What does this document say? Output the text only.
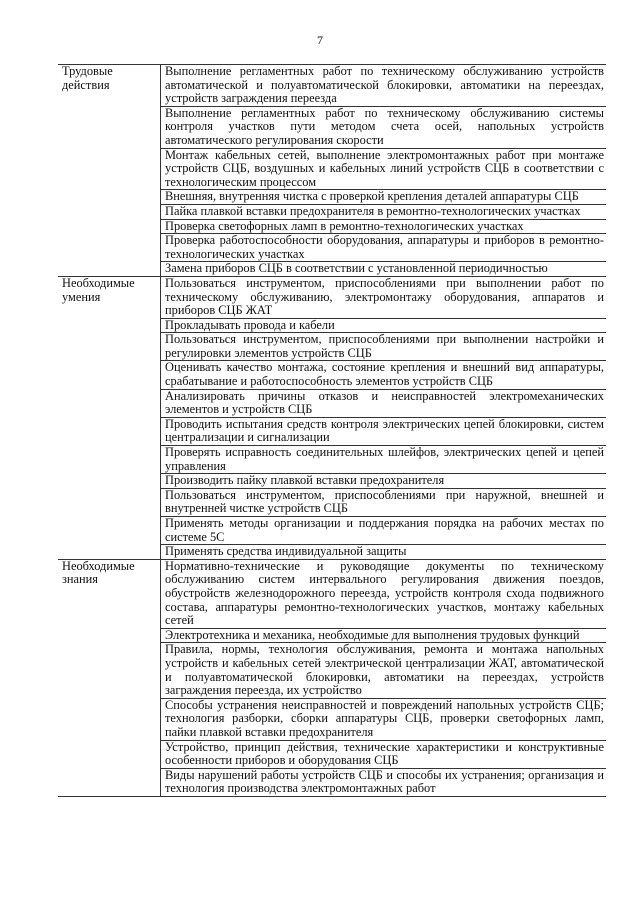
7
Трудовые действия	Выполнение регламентных работ по техническому обслуживанию устройств автоматической и полуавтоматической блокировки, автоматики на переездах, устройств заграждения переезда
	Выполнение регламентных работ по техническому обслуживанию системы контроля участков пути методом счета осей, напольных устройств автоматического регулирования скорости
	Монтаж кабельных сетей, выполнение электромонтажных работ при монтаже устройств СЦБ, воздушных и кабельных линий устройств СЦБ в соответствии с технологическим процессом
	Внешняя, внутренняя чистка с проверкой крепления деталей аппаратуры СЦБ
	Пайка плавкой вставки предохранителя в ремонтно-технологических участках
	Проверка светофорных ламп в ремонтно-технологических участках
	Проверка работоспособности оборудования, аппаратуры и приборов в ремонтно-технологических участках
	Замена приборов СЦБ в соответствии с установленной периодичностью
Необходимые умения	Пользоваться инструментом, приспособлениями при выполнении работ по техническому обслуживанию, электромонтажу оборудования, аппаратов и приборов СЦБ ЖАТ
	Прокладывать провода и кабели
	Пользоваться инструментом, приспособлениями при выполнении настройки и регулировки элементов устройств СЦБ
	Оценивать качество монтажа, состояние крепления и внешний вид аппаратуры, срабатывание и работоспособность элементов устройств СЦБ
	Анализировать причины отказов и неисправностей электромеханических элементов и устройств СЦБ
	Проводить испытания средств контроля электрических цепей блокировки, систем централизации и сигнализации
	Проверять исправность соединительных шлейфов, электрических цепей и цепей управления
	Производить пайку плавкой вставки предохранителя
	Пользоваться инструментом, приспособлениями при наружной, внешней и внутренней чистке устройств СЦБ
	Применять методы организации и поддержания порядка на рабочих местах по системе 5С
	Применять средства индивидуальной защиты
Необходимые знания	Нормативно-технические и руководящие документы по техническому обслуживанию систем интервального регулирования движения поездов, обустройств железнодорожного переезда, устройств контроля схода подвижного состава, аппаратуры ремонтно-технологических участков, монтажу кабельных сетей
	Электротехника и механика, необходимые для выполнения трудовых функций
	Правила, нормы, технология обслуживания, ремонта и монтажа напольных устройств и кабельных сетей электрической централизации ЖАТ, автоматической и полуавтоматической блокировки, автоматики на переездах, устройств заграждения переезда, их устройство
	Способы устранения неисправностей и повреждений напольных устройств СЦБ; технология разборки, сборки аппаратуры СЦБ, проверки светофорных ламп, пайки плавкой вставки предохранителя
	Устройство, принцип действия, технические характеристики и конструктивные особенности приборов и оборудования СЦБ
	Виды нарушений работы устройств СЦБ и способы их устранения; организация и технология производства электромонтажных работ
